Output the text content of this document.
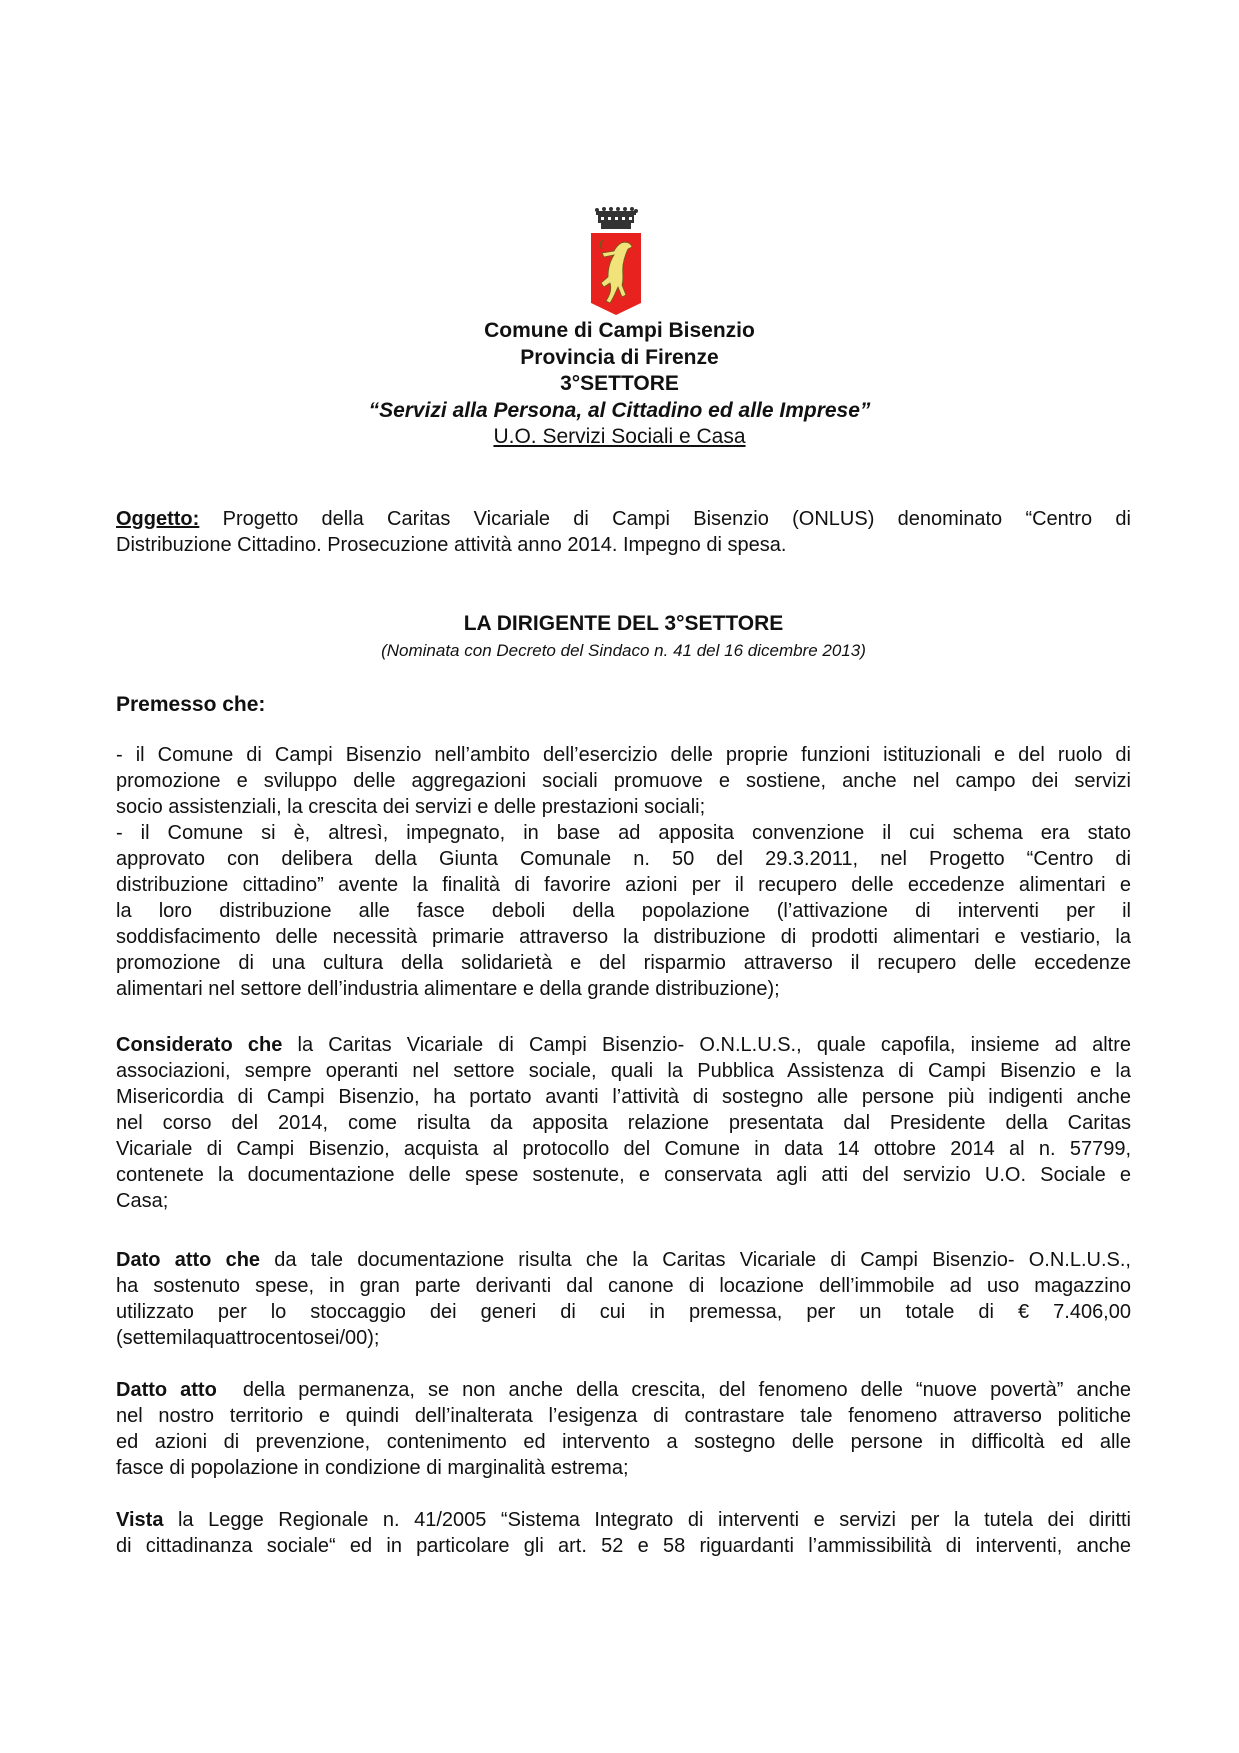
Comune di Campi Bisenzio
Provincia di Firenze
3°SETTORE
“Servizi alla Persona, al Cittadino ed alle Imprese”
U.O. Servizi Sociali e Casa
Oggetto: Progetto della Caritas Vicariale di Campi Bisenzio (ONLUS) denominato “Centro di
Distribuzione Cittadino. Prosecuzione attività anno 2014. Impegno di spesa.
LA DIRIGENTE DEL 3°SETTORE
(Nominata con Decreto del Sindaco n. 41 del 16 dicembre 2013)
Premesso che:
- il Comune di Campi Bisenzio nell’ambito dell’esercizio delle proprie funzioni istituzionali e del ruolo di
promozione e sviluppo delle aggregazioni sociali promuove e sostiene, anche nel campo dei servizi
socio assistenziali, la crescita dei servizi e delle prestazioni sociali;
- il Comune si è, altresì, impegnato, in base ad apposita convenzione il cui schema era stato
approvato con delibera della Giunta Comunale n. 50 del 29.3.2011, nel Progetto “Centro di
distribuzione cittadino” avente la finalità di favorire azioni per il recupero delle eccedenze alimentari e
la loro distribuzione alle fasce deboli della popolazione (l’attivazione di interventi per il
soddisfacimento delle necessità primarie attraverso la distribuzione di prodotti alimentari e vestiario, la
promozione di una cultura della solidarietà e del risparmio attraverso il recupero delle eccedenze
alimentari nel settore dell’industria alimentare e della grande distribuzione);
Considerato che la Caritas Vicariale di Campi Bisenzio- O.N.L.U.S., quale capofila, insieme ad altre
associazioni, sempre operanti nel settore sociale, quali la Pubblica Assistenza di Campi Bisenzio e la
Misericordia di Campi Bisenzio, ha portato avanti l’attività di sostegno alle persone più indigenti anche
nel corso del 2014, come risulta da apposita relazione presentata dal Presidente della Caritas
Vicariale di Campi Bisenzio, acquista al protocollo del Comune in data 14 ottobre 2014 al n. 57799,
contenete la documentazione delle spese sostenute, e conservata agli atti del servizio U.O. Sociale e
Casa;
Dato atto che da tale documentazione risulta che la Caritas Vicariale di Campi Bisenzio- O.N.L.U.S.,
ha sostenuto spese, in gran parte derivanti dal canone di locazione dell’immobile ad uso magazzino
utilizzato per lo stoccaggio dei generi di cui in premessa, per un totale di € 7.406,00
(settemilaquattrocentosei/00);
Datto atto  della permanenza, se non anche della crescita, del fenomeno delle “nuove povertà” anche
nel nostro territorio e quindi dell’inalterata l’esigenza di contrastare tale fenomeno attraverso politiche
ed azioni di prevenzione, contenimento ed intervento a sostegno delle persone in difficoltà ed alle
fasce di popolazione in condizione di marginalità estrema;
Vista la Legge Regionale n. 41/2005 “Sistema Integrato di interventi e servizi per la tutela dei diritti
di cittadinanza sociale“ ed in particolare gli art. 52 e 58 riguardanti l’ammissibilità di interventi, anche
